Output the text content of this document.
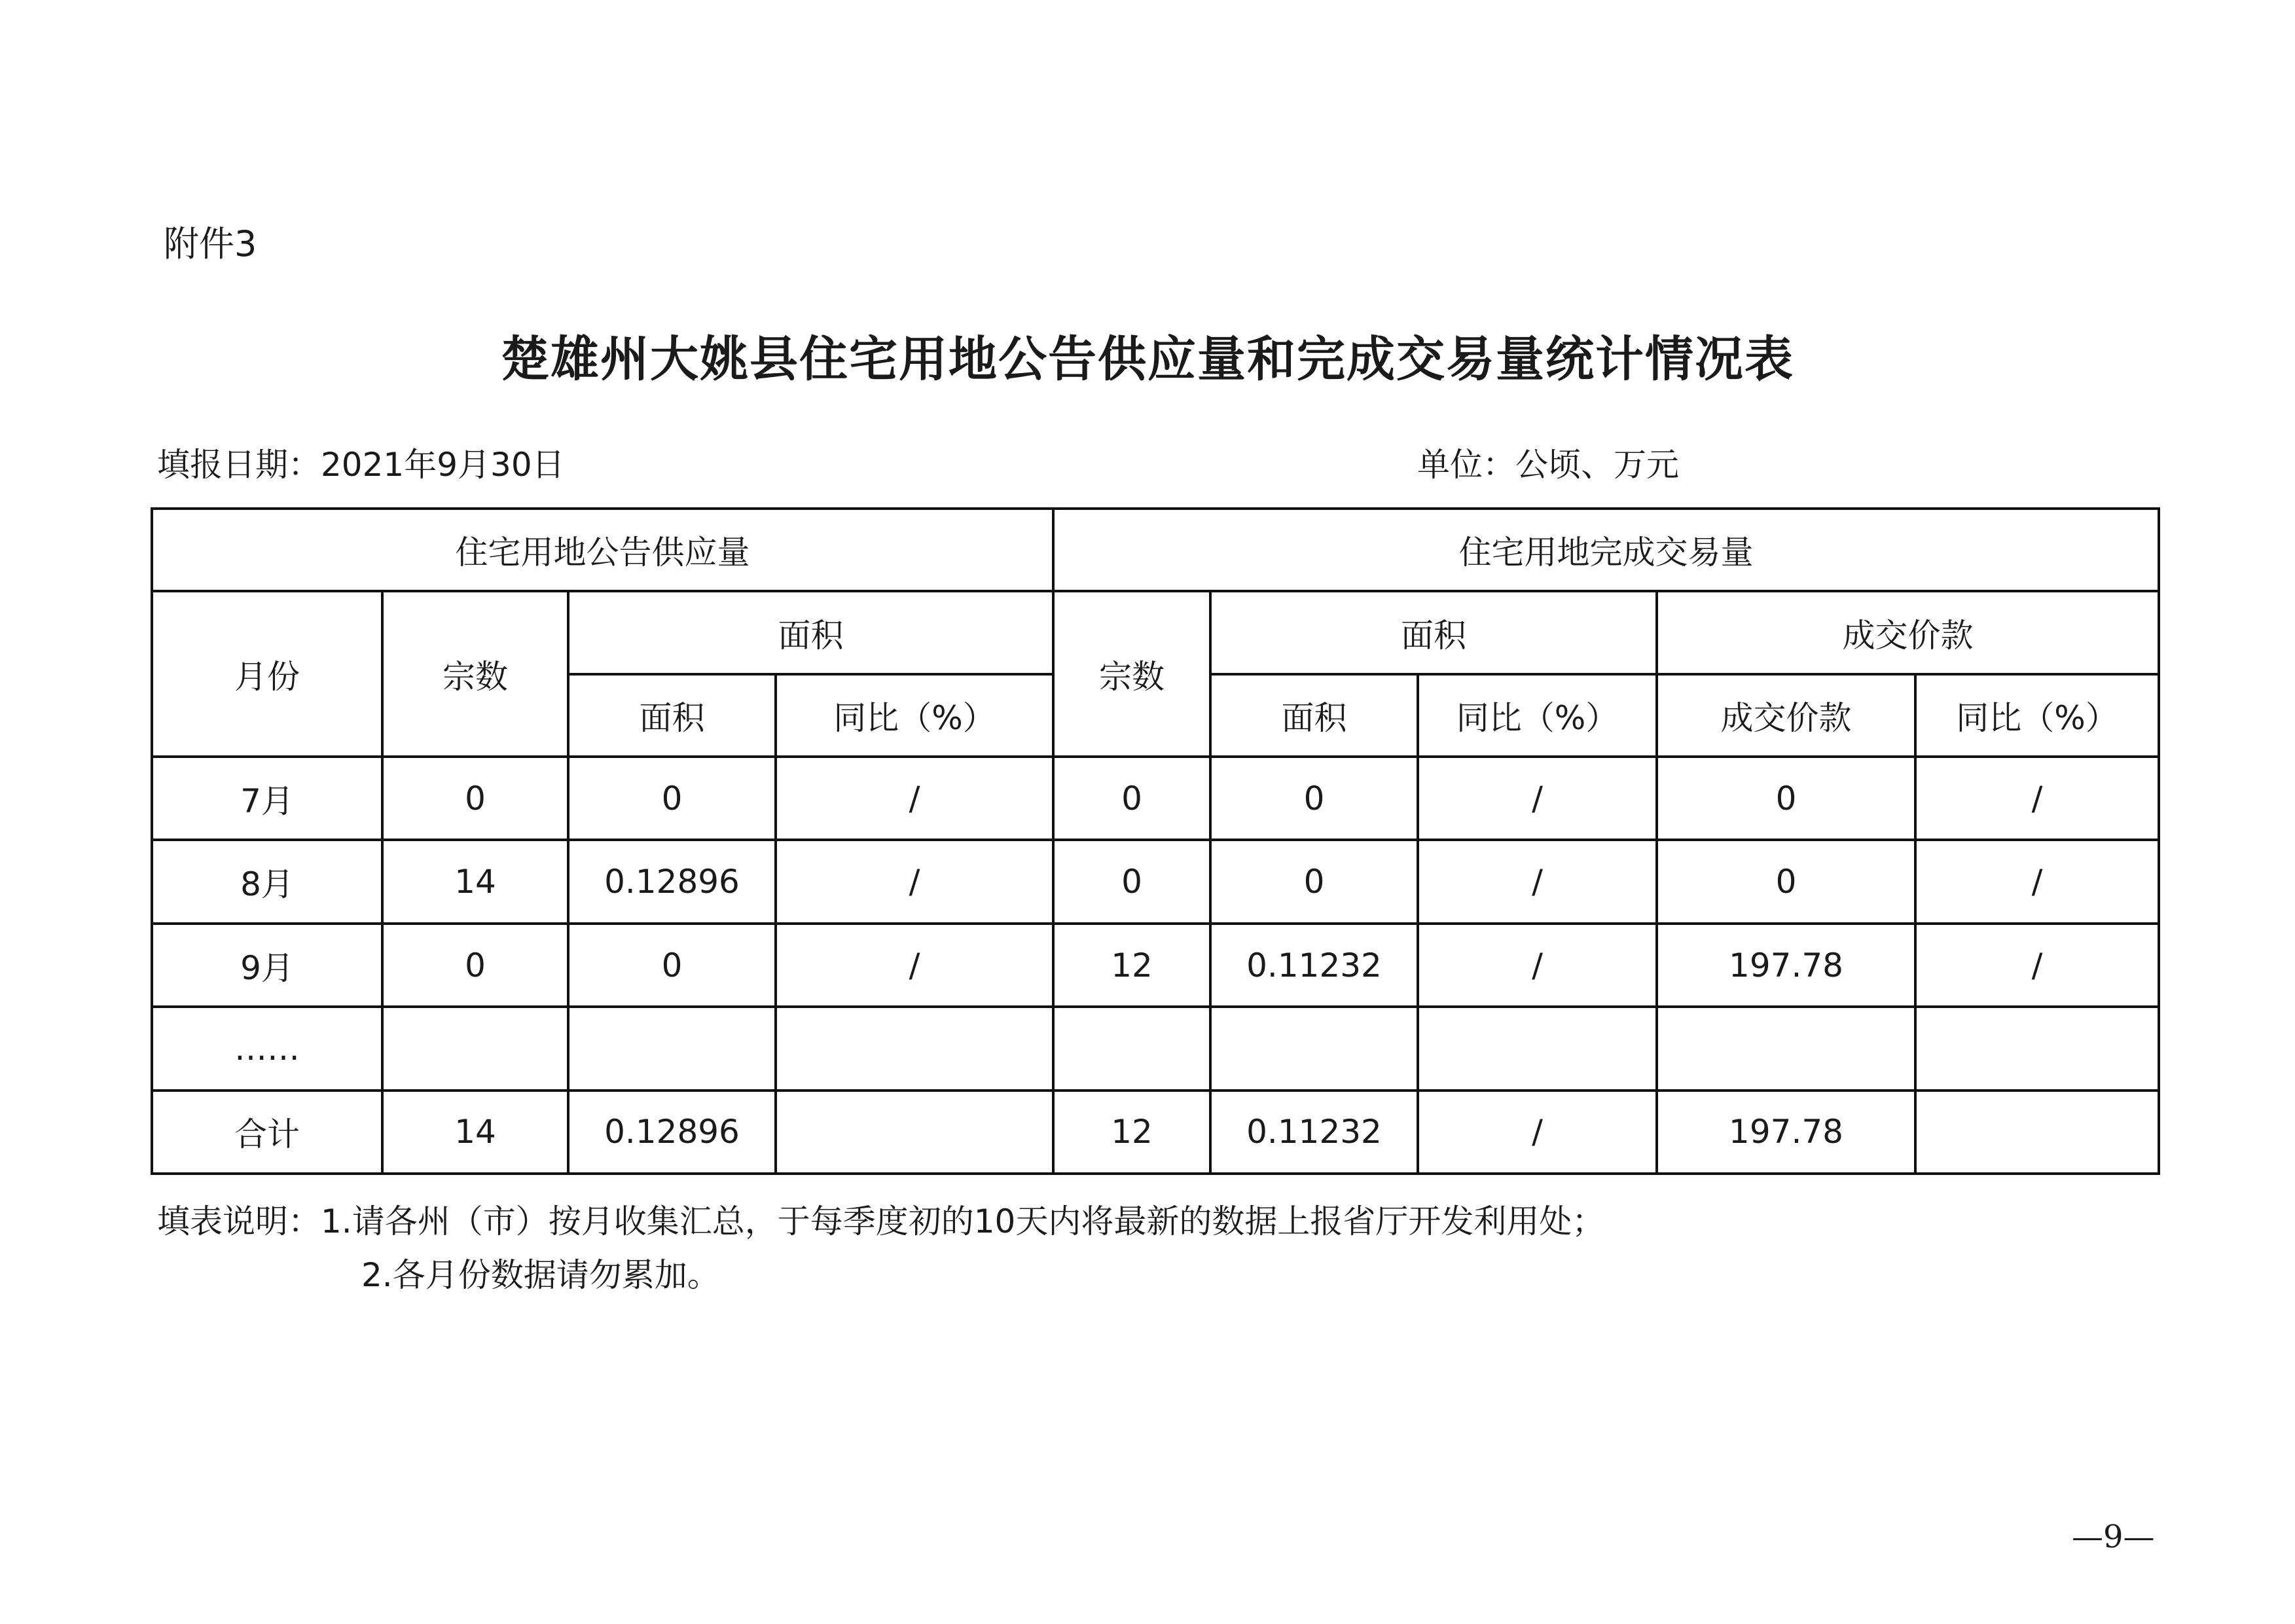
附件3
楚雄州大姚县住宅用地公告供应量和完成交易量统计情况表
填报日期：2021年9月30日	单位：公顷、万元
住宅用地公告供应量				住宅用地完成交易量				
月份	宗数	面积		宗数	面积		成交价款	
		面积	同比（%）		面积	同比（%）	成交价款	同比（%）
7月	0	0	/	0	0	/	0	/
8月	14	0.12896	/	0	0	/	0	/
9月	0	0	/	12	0.11232	/	197.78	/
……								
合计	14	0.12896		12	0.11232	/	197.78	
填表说明：1.请各州（市）按月收集汇总，于每季度初的10天内将最新的数据上报省厅开发利用处；
2.各月份数据请勿累加。
—9—
